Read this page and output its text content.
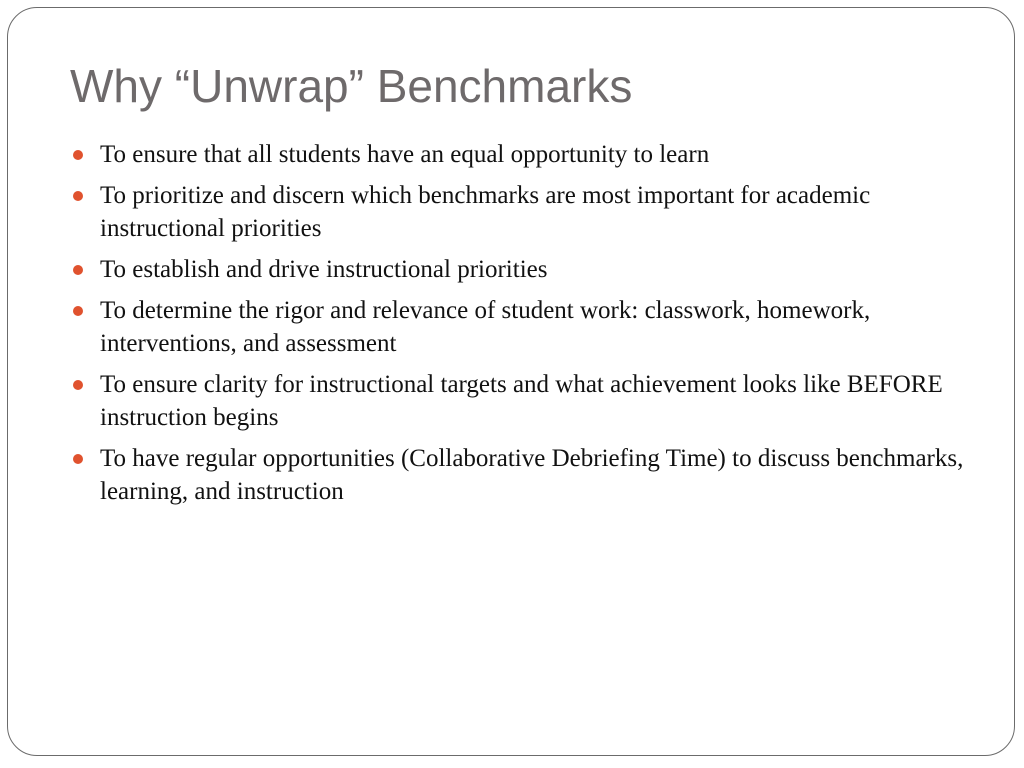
Why “Unwrap” Benchmarks
To ensure that all students have an equal opportunity to learn
To prioritize and discern which benchmarks are most important for academic instructional priorities
To establish and drive instructional priorities
To determine the rigor and relevance of student work: classwork, homework, interventions, and assessment
To ensure clarity for instructional targets and what achievement looks like BEFORE instruction begins
To have regular opportunities (Collaborative Debriefing Time) to discuss benchmarks, learning, and instruction
